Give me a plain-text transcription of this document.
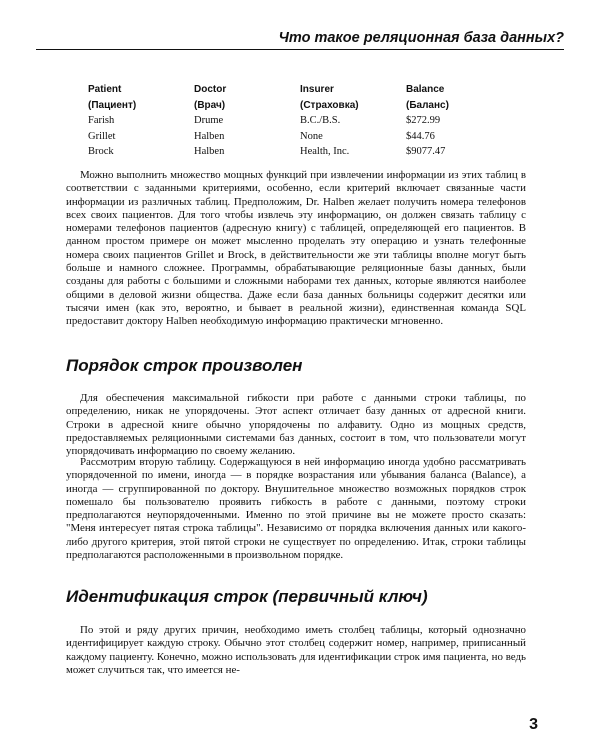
Что такое реляционная база данных?
Patient	Doctor	Insurer	Balance
(Пациент)	(Врач)	(Страховка)	(Баланс)
Farish	Drume	B.C./B.S.	$272.99
Grillet	Halben	None	$44.76
Brock	Halben	Health, Inc.	$9077.47

Можно выполнить множество мощных функций при извлечении информации из этих таблиц в соответствии с заданными критериями, особенно, если критерий включает связанные части информации из различных таблиц. Предположим, Dr. Halben желает получить номера телефонов всех своих пациентов. Для того чтобы извлечь эту информацию, он должен связать таблицу с номерами телефонов пациентов (адресную книгу) с таблицей, определяющей его пациентов. В данном простом примере он может мысленно проделать эту операцию и узнать телефонные номера своих пациентов Grillet и Brock, в действительности же эти таблицы вполне могут быть больше и намного сложнее. Программы, обрабатывающие реляционные базы данных, были созданы для работы с большими и сложными наборами тех данных, которые являются наиболее общими в деловой жизни общества. Даже если база данных больницы содержит десятки или тысячи имен (как это, вероятно, и бывает в реальной жизни), единственная команда SQL предоставит доктору Halben необходимую информацию практически мгновенно.

Порядок строк произволен

Для обеспечения максимальной гибкости при работе с данными строки таблицы, по определению, никак не упорядочены. Этот аспект отличает базу данных от адресной книги. Строки в адресной книге обычно упорядочены по алфавиту. Одно из мощных средств, предоставляемых реляционными системами баз данных, состоит в том, что пользователи могут упорядочивать информацию по своему желанию.

Рассмотрим вторую таблицу. Содержащуюся в ней информацию иногда удобно рассматривать упорядоченной по имени, иногда — в порядке возрастания или убывания баланса (Balance), а иногда — сгруппированной по доктору. Внушительное множество возможных порядков строк помешало бы пользователю проявить гибкость в работе с данными, поэтому строки предполагаются неупорядоченными. Именно по этой причине вы не можете просто сказать: "Меня интересует пятая строка таблицы". Независимо от порядка включения данных или какого-либо другого критерия, этой пятой строки не существует по определению. Итак, строки таблицы предполагаются расположенными в произвольном порядке.

Идентификация строк (первичный ключ)

По этой и ряду других причин, необходимо иметь столбец таблицы, который однозначно идентифицирует каждую строку. Обычно этот столбец содержит номер, например, приписанный каждому пациенту. Конечно, можно использовать для идентификации строк имя пациента, но ведь может случиться так, что имеется не-

3
